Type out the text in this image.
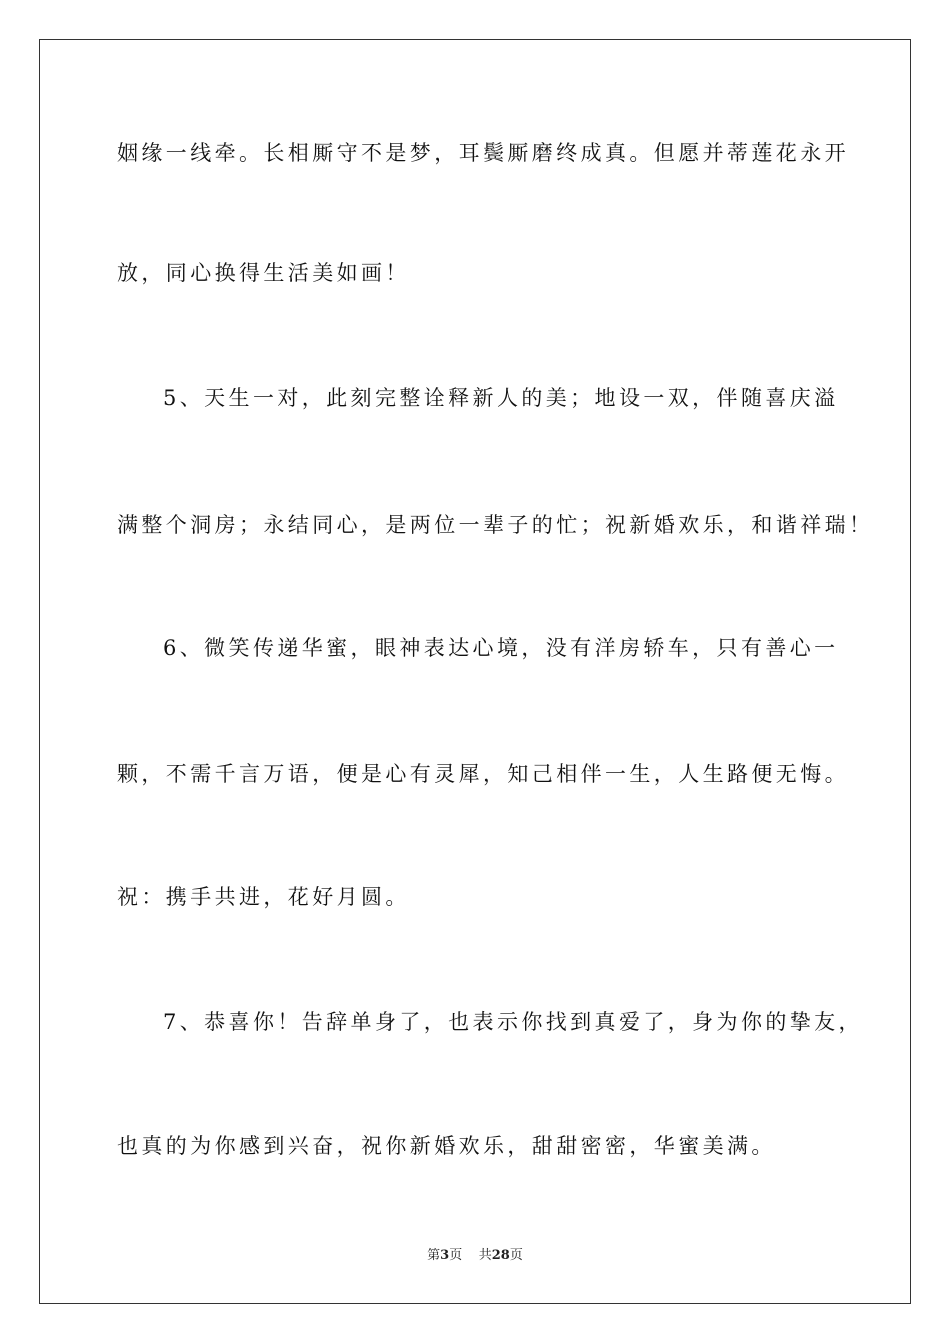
姻缘一线牵。长相厮守不是梦，耳鬓厮磨终成真。但愿并蒂莲花永开
放，同心换得生活美如画！
5、天生一对，此刻完整诠释新人的美；地设一双，伴随喜庆溢
满整个洞房；永结同心，是两位一辈子的忙；祝新婚欢乐，和谐祥瑞！
6、微笑传递华蜜，眼神表达心境，没有洋房轿车，只有善心一
颗，不需千言万语，便是心有灵犀，知己相伴一生，人生路便无悔。
祝：携手共进，花好月圆。
7、恭喜你！告辞单身了，也表示你找到真爱了，身为你的挚友，
也真的为你感到兴奋，祝你新婚欢乐，甜甜密密，华蜜美满。
第3页 共28页
